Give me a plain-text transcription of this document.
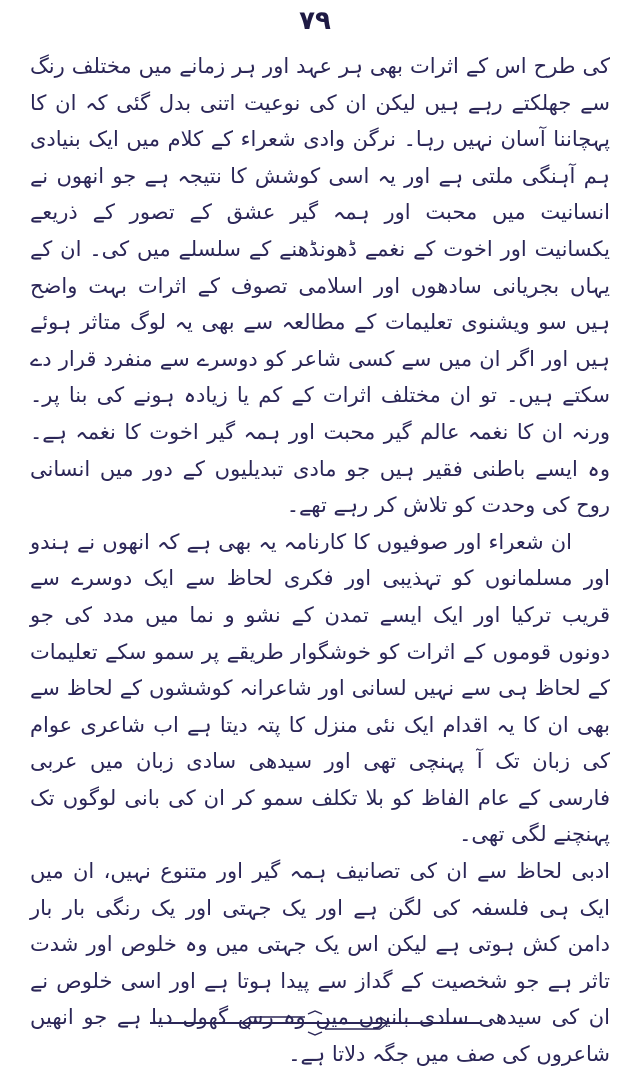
۷۹

کی طرح اس کے اثرات بھی ہر عہد اور ہر زمانے میں مختلف رنگ سے جھلکتے رہے ہیں لیکن ان کی نوعیت اتنی بدل گئی کہ ان کا پہچاننا آسان نہیں رہا۔ نرگن وادی شعراء کے کلام میں ایک بنیادی ہم آہنگی ملتی ہے اور یہ اسی کوشش کا نتیجہ ہے جو انھوں نے انسانیت میں محبت اور ہمہ گیر عشق کے تصور کے ذریعے یکسانیت اور اخوت کے نغمے ڈھونڈھنے کے سلسلے میں کی۔ ان کے یہاں بجریانی سادھوں اور اسلامی تصوف کے اثرات بہت واضح ہیں سو ویشنوی تعلیمات کے مطالعہ سے بھی یہ لوگ متاثر ہوئے ہیں اور اگر ان میں سے کسی شاعر کو دوسرے سے منفرد قرار دے سکتے ہیں۔ تو ان مختلف اثرات کے کم یا زیادہ ہونے کی بنا پر۔ ورنہ ان کا نغمہ عالم گیر محبت اور ہمہ گیر اخوت کا نغمہ ہے۔ وہ ایسے باطنی فقیر ہیں جو مادی تبدیلیوں کے دور میں انسانی روح کی وحدت کو تلاش کر رہے تھے۔

ان شعراء اور صوفیوں کا کارنامہ یہ بھی ہے کہ انھوں نے ہندو اور مسلمانوں کو تہذیبی اور فکری لحاظ سے ایک دوسرے سے قریب ترکیا اور ایک ایسے تمدن کے نشو و نما میں مدد کی جو دونوں قوموں کے اثرات کو خوشگوار طریقے پر سمو سکے تعلیمات کے لحاظ ہی سے نہیں لسانی اور شاعرانہ کوششوں کے لحاظ سے بھی ان کا یہ اقدام ایک نئی منزل کا پتہ دیتا ہے اب شاعری عوام کی زبان تک آ پہنچی تھی اور سیدھی سادی زبان میں عربی فارسی کے عام الفاظ کو بلا تکلف سمو کر ان کی بانی لوگوں تک پہنچنے لگی تھی۔

ادبی لحاظ سے ان کی تصانیف ہمہ گیر اور متنوع نہیں، ان میں ایک ہی فلسفہ کی لگن ہے اور یک جہتی اور یک رنگی بار بار دامن کش ہوتی ہے لیکن اس یک جہتی میں وہ خلوص اور شدت تاثر ہے جو شخصیت کے گداز سے پیدا ہوتا ہے اور اسی خلوص نے ان کی سیدھی سادی بانیوں میں وہ رس گھول دیا ہے جو انھیں شاعروں کی صف میں جگہ دلاتا ہے۔
